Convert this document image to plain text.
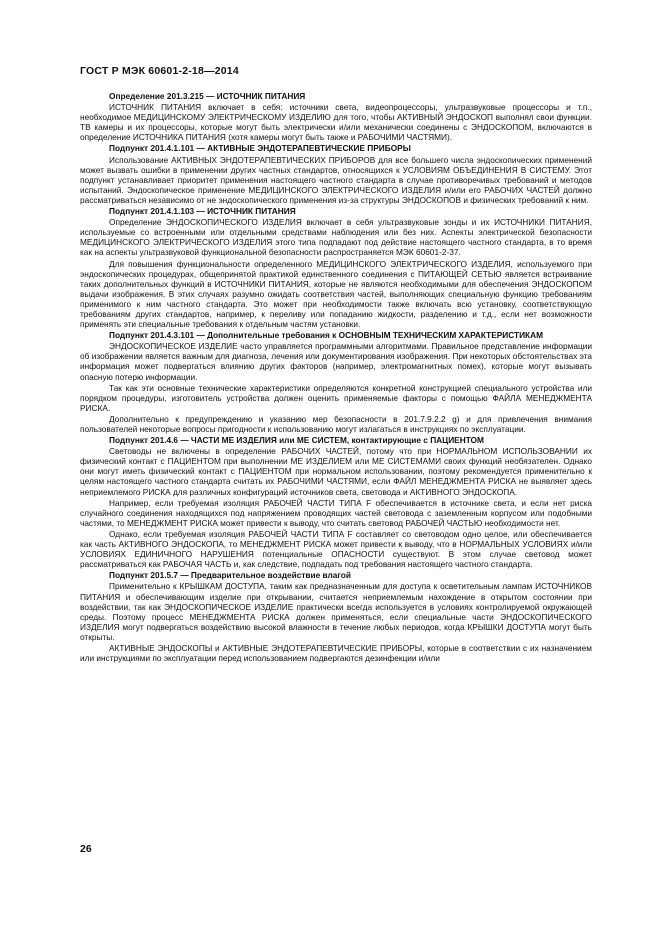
ГОСТ Р МЭК 60601-2-18—2014

Определение 201.3.215 — ИСТОЧНИК ПИТАНИЯ

ИСТОЧНИК ПИТАНИЯ включает в себя: источники света, видеопроцессоры, ультразвуковые процессоры и т.п., необходимое МЕДИЦИНСКОМУ ЭЛЕКТРИЧЕСКОМУ ИЗДЕЛИЮ для того, чтобы АКТИВНЫЙ ЭНДОСКОП выполнял свои функции. ТВ камеры и их процессоры, которые могут быть электрически и/или механически соединены с ЭНДОСКОПОМ, включаются в определение ИСТОЧНИКА ПИТАНИЯ (хотя камеры могут быть также и РАБОЧИМИ ЧАСТЯМИ).

Подпункт 201.4.1.101 — АКТИВНЫЕ ЭНДОТЕРАПЕВТИЧЕСКИЕ ПРИБОРЫ

Использование АКТИВНЫХ ЭНДОТЕРАПЕВТИЧЕСКИХ ПРИБОРОВ для все большего числа эндоскопических применений может вызвать ошибки в применении других частных стандартов, относящихся к УСЛОВИЯМ ОБЪЕДИНЕНИЯ В СИСТЕМУ. Этот подпункт устанавливает приоритет применения настоящего частного стандарта в случае противоречивых требований и методов испытаний. Эндоскопическое применение МЕДИЦИНСКОГО ЭЛЕКТРИЧЕСКОГО ИЗДЕЛИЯ и/или его РАБОЧИХ ЧАСТЕЙ должно рассматриваться независимо от не эндоскопического применения из-за структуры ЭНДОСКОПОВ и физических требований к ним.

Подпункт 201.4.1.103 — ИСТОЧНИК ПИТАНИЯ

Определение ЭНДОСКОПИЧЕСКОГО ИЗДЕЛИЯ включает в себя ультразвуковые зонды и их ИСТОЧНИКИ ПИТАНИЯ, используемые со встроенными или отдельными средствами наблюдения или без них. Аспекты электрической безопасности МЕДИЦИНСКОГО ЭЛЕКТРИЧЕСКОГО ИЗДЕЛИЯ этого типа подпадают под действие настоящего частного стандарта, в то время как на аспекты ультразвуковой функциональной безопасности распространяется МЭК 60601-2-37.

Для повышения функциональности определенного МЕДИЦИНСКОГО ЭЛЕКТРИЧЕСКОГО ИЗДЕЛИЯ, используемого при эндоскопических процедурах, общепринятой практикой единственного соединения с ПИТАЮЩЕЙ СЕТЬЮ является встраивание таких дополнительных функций в ИСТОЧНИКИ ПИТАНИЯ, которые не являются необходимыми для обеспечения ЭНДОСКОПОМ выдачи изображения. В этих случаях разумно ожидать соответствия частей, выполняющих специальную функцию требованиям применимого к ним частного стандарта. Это может при необходимости также включать всю установку, соответствующую требованиям других стандартов, например, к переливу или попаданию жидкости, разделению и т.д., если нет возможности применять эти специальные требования к отдельным частям установки.

Подпункт 201.4.3.101 — Дополнительные требования к ОСНОВНЫМ ТЕХНИЧЕСКИМ ХАРАКТЕРИСТИКАМ

ЭНДОСКОПИЧЕСКОЕ ИЗДЕЛИЕ часто управляется программными алгоритмами. Правильное представление информации об изображении является важным для диагноза, лечения или документирования изображения. При некоторых обстоятельствах эта информация может подвергаться влиянию других факторов (например, электромагнитных помех), которые могут вызывать опасную потерю информации.

Так как эти основные технические характеристики определяются конкретной конструкцией специального устройства или порядком процедуры, изготовитель устройства должен оценить применяемые факторы с помощью ФАЙЛА МЕНЕДЖМЕНТА РИСКА.

Дополнительно к предупреждению и указанию мер безопасности в 201.7.9.2.2 g) и для привлечения внимания пользователей некоторые вопросы пригодности к использованию могут излагаться в инструкциях по эксплуатации.

Подпункт 201.4.6 — ЧАСТИ МЕ ИЗДЕЛИЯ или МЕ СИСТЕМ, контактирующие с ПАЦИЕНТОМ

Световоды не включены в определение РАБОЧИХ ЧАСТЕЙ, потому что при НОРМАЛЬНОМ ИСПОЛЬЗОВАНИИ их физический контакт с ПАЦИЕНТОМ при выполнении МЕ ИЗДЕЛИЕМ или МЕ СИСТЕМАМИ своих функций необязателен. Однако они могут иметь физический контакт с ПАЦИЕНТОМ при нормальном использовании, поэтому рекомендуется применительно к целям настоящего частного стандарта считать их РАБОЧИМИ ЧАСТЯМИ, если ФАЙЛ МЕНЕДЖМЕНТА РИСКА не выявляет здесь неприемлемого РИСКА для различных конфигураций источников света, световода и АКТИВНОГО ЭНДОСКОПА.

Например, если требуемая изоляция РАБОЧЕЙ ЧАСТИ ТИПА F обеспечивается в источнике света, и если нет риска случайного соединения находящихся под напряжением проводящих частей световода с заземленным корпусом или подобными частями, то МЕНЕДЖМЕНТ РИСКА может привести к выводу, что считать световод РАБОЧЕЙ ЧАСТЬЮ необходимости нет.

Однако, если требуемая изоляция РАБОЧЕЙ ЧАСТИ ТИПА F составляет со световодом одно целое, или обеспечивается как часть АКТИВНОГО ЭНДОСКОПА, то МЕНЕДЖМЕНТ РИСКА может привести к выводу, что в НОРМАЛЬНЫХ УСЛОВИЯХ и/или УСЛОВИЯХ ЕДИНИЧНОГО НАРУШЕНИЯ потенциальные ОПАСНОСТИ существуют. В этом случае световод может рассматриваться как РАБОЧАЯ ЧАСТЬ и, как следствие, подпадать под требования настоящего частного стандарта.

Подпункт 201.5.7 — Предварительное воздействие влагой

Применительно к КРЫШКАМ ДОСТУПА, таким как предназначенным для доступа к осветительным лампам ИСТОЧНИКОВ ПИТАНИЯ и обеспечивающим изделие при открывании, считается неприемлемым нахождение в открытом состоянии при воздействии, так как ЭНДОСКОПИЧЕСКОЕ ИЗДЕЛИЕ практически всегда используется в условиях контролируемой окружающей среды. Поэтому процесс МЕНЕДЖМЕНТА РИСКА должен применяться, если специальные части ЭНДОСКОПИЧЕСКОГО ИЗДЕЛИЯ могут подвергаться воздействию высокой влажности в течение любых периодов, когда КРЫШКИ ДОСТУПА могут быть открыты.

АКТИВНЫЕ ЭНДОСКОПЫ и АКТИВНЫЕ ЭНДОТЕРАПЕВТИЧЕСКИЕ ПРИБОРЫ, которые в соответствии с их назначением или инструкциями по эксплуатации перед использованием подвергаются дезинфекции и/или

26
